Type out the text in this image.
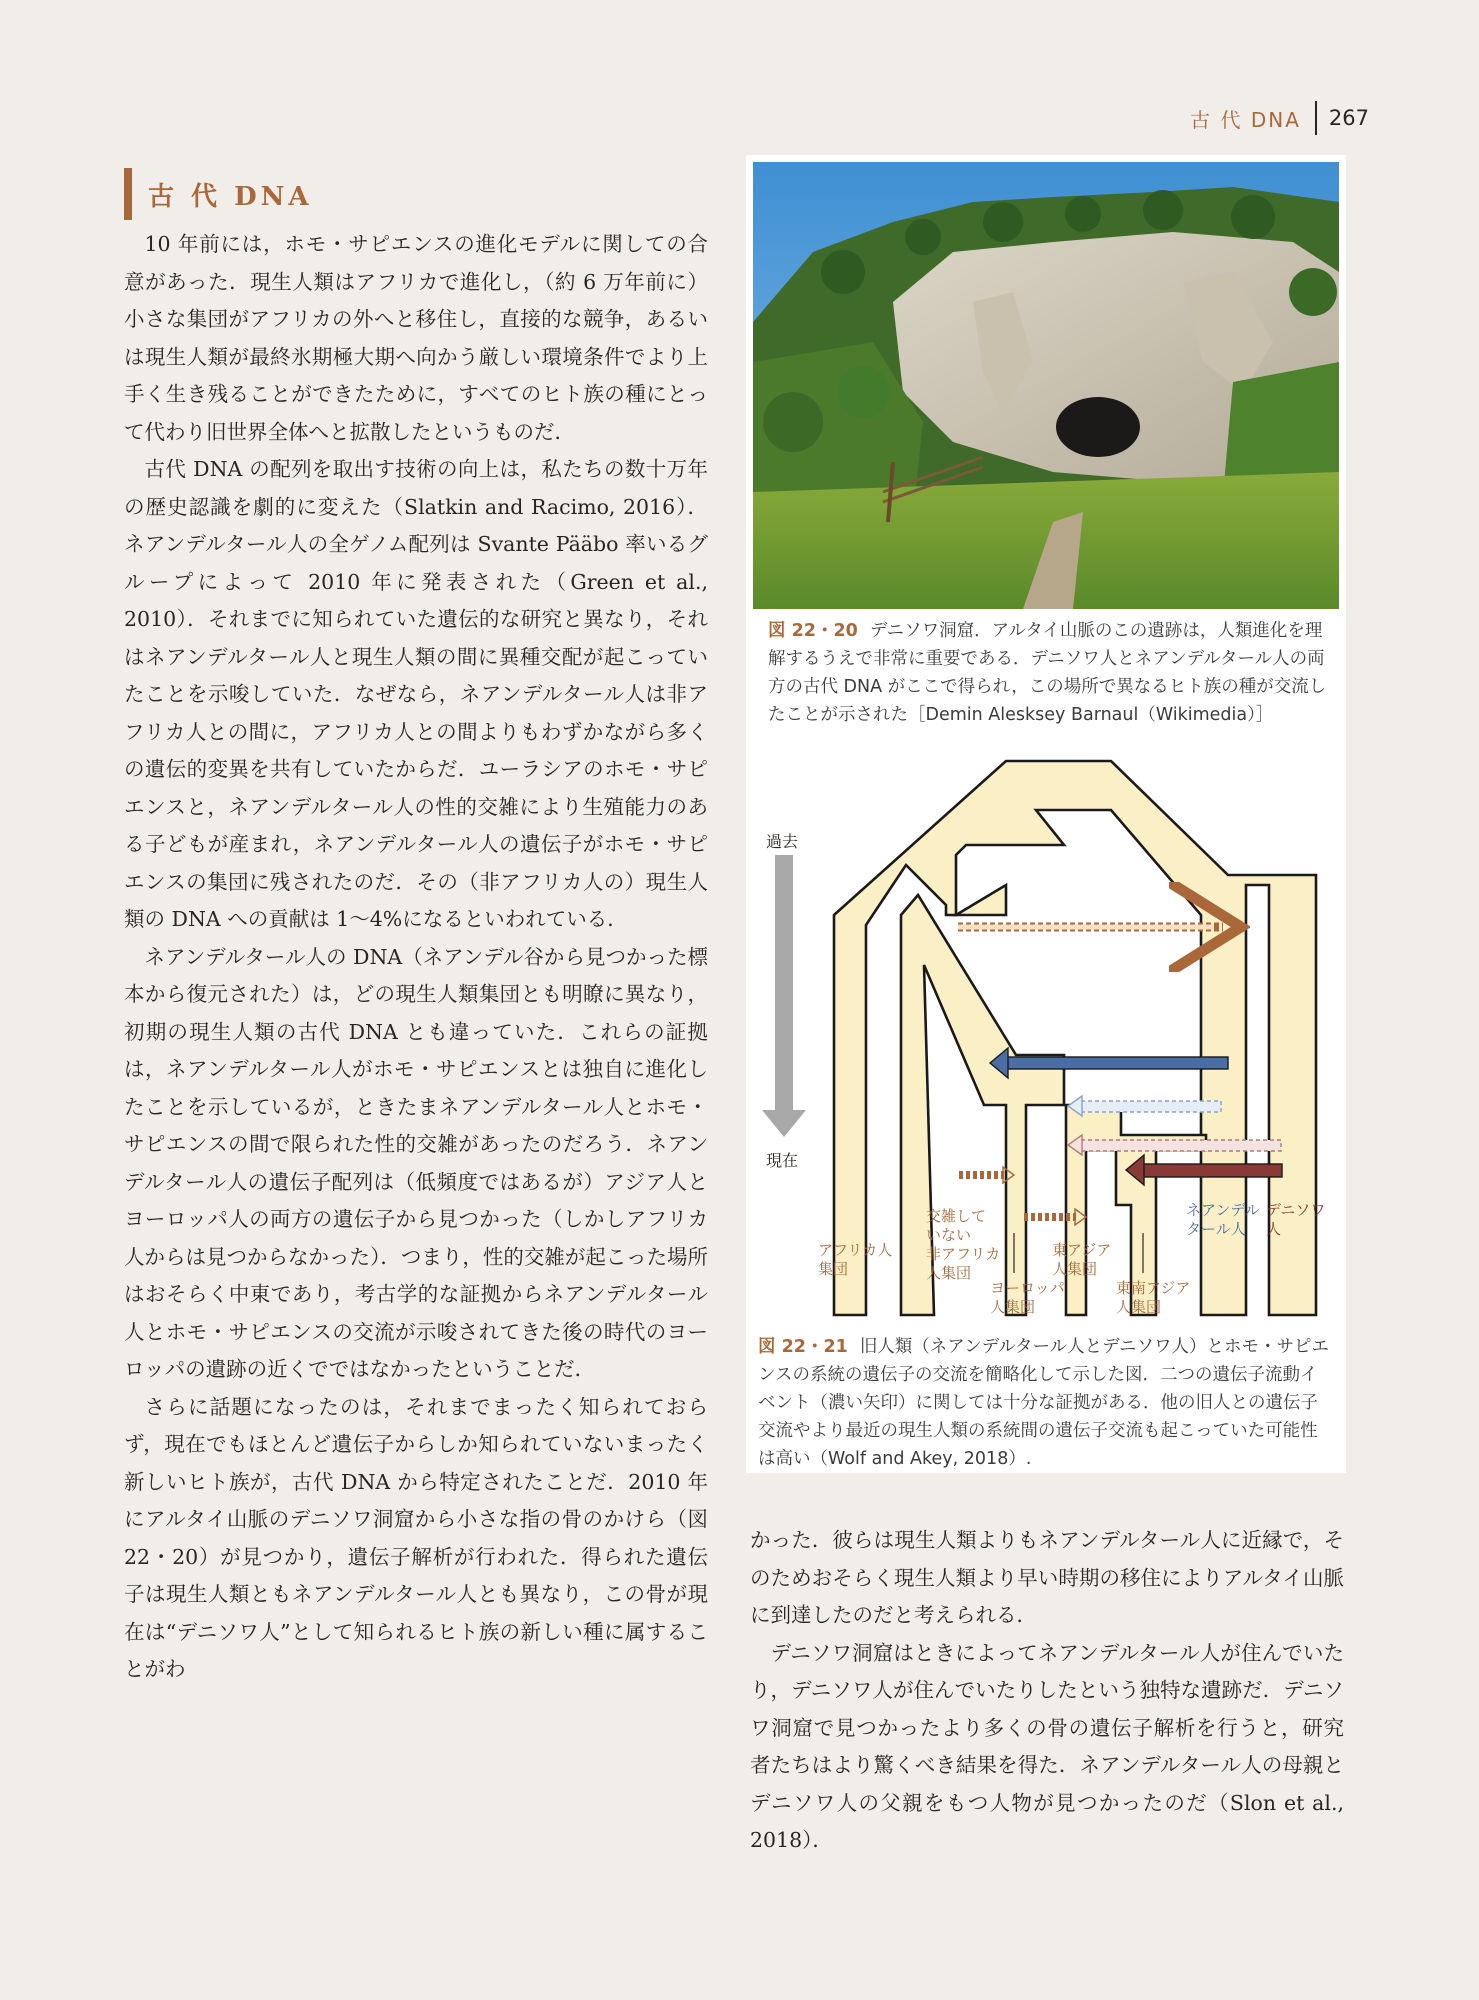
古 代 DNA	267
古 代 DNA

10 年前には，ホモ・サピエンスの進化モデルに関しての合意があった．現生人類はアフリカで進化し，（約 6 万年前に）小さな集団がアフリカの外へと移住し，直接的な競争，あるいは現生人類が最終氷期極大期へ向かう厳しい環境条件でより上手く生き残ることができたために，すべてのヒト族の種にとって代わり旧世界全体へと拡散したというものだ．

古代 DNA の配列を取出す技術の向上は，私たちの数十万年の歴史認識を劇的に変えた（Slatkin and Racimo, 2016）．ネアンデルタール人の全ゲノム配列は Svante Pääbo 率いるグループによって 2010 年に発表された（Green et al., 2010）．それまでに知られていた遺伝的な研究と異なり，それはネアンデルタール人と現生人類の間に異種交配が起こっていたことを示唆していた．なぜなら，ネアンデルタール人は非アフリカ人との間に，アフリカ人との間よりもわずかながら多くの遺伝的変異を共有していたからだ．ユーラシアのホモ・サピエンスと，ネアンデルタール人の性的交雑により生殖能力のある子どもが産まれ，ネアンデルタール人の遺伝子がホモ・サピエンスの集団に残されたのだ．その（非アフリカ人の）現生人類の DNA への貢献は 1～4%になるといわれている．

ネアンデルタール人の DNA（ネアンデル谷から見つかった標本から復元された）は，どの現生人類集団とも明瞭に異なり，初期の現生人類の古代 DNA とも違っていた．これらの証拠は，ネアンデルタール人がホモ・サピエンスとは独自に進化したことを示しているが，ときたまネアンデルタール人とホモ・サピエンスの間で限られた性的交雑があったのだろう．ネアンデルタール人の遺伝子配列は（低頻度ではあるが）アジア人とヨーロッパ人の両方の遺伝子から見つかった（しかしアフリカ人からは見つからなかった）．つまり，性的交雑が起こった場所はおそらく中東であり，考古学的な証拠からネアンデルタール人とホモ・サピエンスの交流が示唆されてきた後の時代のヨーロッパの遺跡の近くでではなかったということだ．

さらに話題になったのは，それまでまったく知られておらず，現在でもほとんど遺伝子からしか知られていないまったく新しいヒト族が，古代 DNA から特定されたことだ．2010 年にアルタイ山脈のデニソワ洞窟から小さな指の骨のかけら（図 22・20）が見つかり，遺伝子解析が行われた．得られた遺伝子は現生人類ともネアンデルタール人とも異なり，この骨が現在は“デニソワ人”として知られるヒト族の新しい種に属することがわ

図 22・20 デニソワ洞窟．アルタイ山脈のこの遺跡は，人類進化を理解するうえで非常に重要である．デニソワ人とネアンデルタール人の両方の古代 DNA がここで得られ，この場所で異なるヒト族の種が交流したことが示された［Demin Alesksey Barnaul（Wikimedia）］
過去
現在
アフリカ人集団
交雑していない非アフリカ人集団
ヨーロッパ人集団
東アジア人集団
東南アジア人集団
ネアンデルタール人
デニソワ人
図 22・21 旧人類（ネアンデルタール人とデニソワ人）とホモ・サピエンスの系統の遺伝子の交流を簡略化して示した図．二つの遺伝子流動イベント（濃い矢印）に関しては十分な証拠がある．他の旧人との遺伝子交流やより最近の現生人類の系統間の遺伝子交流も起こっていた可能性は高い（Wolf and Akey, 2018）.

かった．彼らは現生人類よりもネアンデルタール人に近縁で，そのためおそらく現生人類より早い時期の移住によりアルタイ山脈に到達したのだと考えられる．

デニソワ洞窟はときによってネアンデルタール人が住んでいたり，デニソワ人が住んでいたりしたという独特な遺跡だ．デニソワ洞窟で見つかったより多くの骨の遺伝子解析を行うと，研究者たちはより驚くべき結果を得た．ネアンデルタール人の母親とデニソワ人の父親をもつ人物が見つかったのだ（Slon et al., 2018）．
